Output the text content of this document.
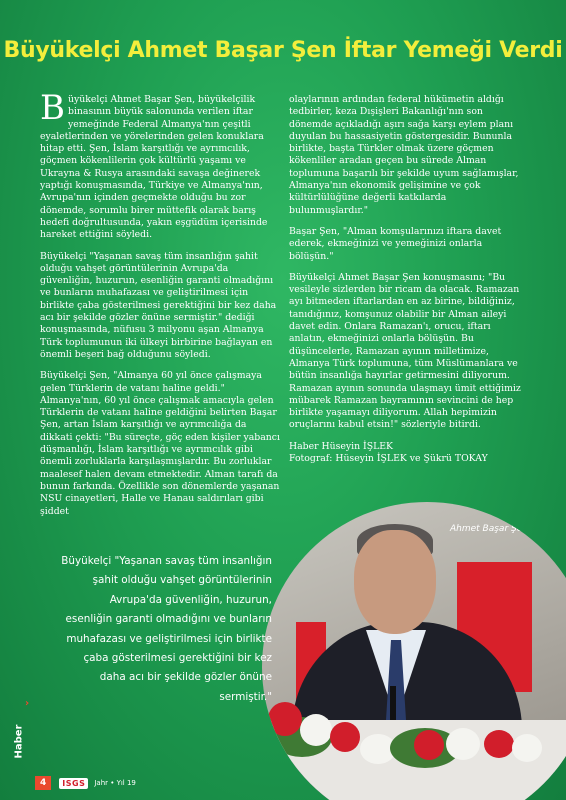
Büyükelçi Ahmet Başar Şen İftar Yemeği Verdi

Büyükelçi Ahmet Başar Şen, büyükelçilik binasının büyük salonunda verilen iftar yemeğinde Federal Almanya'nın çeşitli eyaletlerinden ve yörelerinden gelen konuklara hitap etti. Şen, İslam karşıtlığı ve ayrımcılık, göçmen kökenlilerin çok kültürlü yaşamı ve Ukrayna & Rusya arasındaki savaşa değinerek yaptığı konuşmasında, Türkiye ve Almanya'nın, Avrupa'nın içinden geçmekte olduğu bu zor dönemde, sorumlu birer müttefik olarak barış hedefi doğrultusunda, yakın eşgüdüm içerisinde hareket ettiğini söyledi.

Büyükelçi "Yaşanan savaş tüm insanlığın şahit olduğu vahşet görüntülerinin Avrupa'da güvenliğin, huzurun, esenliğin garanti olmadığını ve bunların muhafazası ve geliştirilmesi için birlikte çaba gösterilmesi gerektiğini bir kez daha acı bir şekilde gözler önüne sermiştir." dediği konuşmasında, nüfusu 3 milyonu aşan Almanya Türk toplumunun iki ülkeyi birbirine bağlayan en önemli beşeri bağ olduğunu söyledi.

Büyükelçi Şen, "Almanya 60 yıl önce çalışmaya gelen Türklerin de vatanı haline geldi." Almanya'nın, 60 yıl önce çalışmak amacıyla gelen Türklerin de vatanı haline geldiğini belirten Başar Şen, artan İslam karşıtlığı ve ayrımcılığa da dikkati çekti: "Bu süreçte, göç eden kişiler yabancı düşmanlığı, İslam karşıtlığı ve ayrımcılık gibi önemli zorluklarla karşılaşmışlardır. Bu zorluklar maalesef halen devam etmektedir. Alman tarafı da bunun farkında. Özellikle son dönemlerde yaşanan NSU cinayetleri, Halle ve Hanau saldırıları gibi şiddet

olaylarının ardından federal hükümetin aldığı tedbirler, keza Dışişleri Bakanlığı'nın son dönemde açıkladığı aşırı sağa karşı eylem planı duyulan bu hassasiyetin göstergesidir. Bununla birlikte, başta Türkler olmak üzere göçmen kökenliler aradan geçen bu sürede Alman toplumuna başarılı bir şekilde uyum sağlamışlar, Almanya'nın ekonomik gelişimine ve çok kültürlülüğüne değerli katkılarda bulunmuşlardır."

Başar Şen, "Alman komşularınızı iftara davet ederek, ekmeğinizi ve yemeğinizi onlarla bölüşün."

Büyükelçi Ahmet Başar Şen konuşmasını; "Bu vesileyle sizlerden bir ricam da olacak. Ramazan ayı bitmeden iftarlardan en az birine, bildiğiniz, tanıdığınız, komşunuz olabilir bir Alman aileyi davet edin. Onlara Ramazan'ı, orucu, iftarı anlatın, ekmeğinizi onlarla bölüşün. Bu düşüncelerle, Ramazan ayının milletimize, Almanya Türk toplumuna, tüm Müslümanlara ve bütün insanlığa hayırlar getirmesini diliyorum. Ramazan ayının sonunda ulaşmayı ümit ettiğimiz mübarek Ramazan bayramının sevincini de hep birlikte yaşamayı diliyorum. Allah hepimizin oruçlarını kabul etsin!" sözleriyle bitirdi.

Haber Hüseyin İŞLEK

Fotograf: Hüseyin İŞLEK ve Şükrü TOKAY

Ahmet Başar Şen
Büyükelçi "Yaşanan savaş tüm insanlığın şahit olduğu vahşet görüntülerinin Avrupa'da güvenliğin, huzurun, esenliğin garanti olmadığını ve bunların muhafazası ve geliştirilmesi için birlikte çaba gösterilmesi gerektiğini bir kez daha acı bir şekilde gözler önüne sermiştir."
›
Haber
4	ISGS	Jahr • Yıl 19
